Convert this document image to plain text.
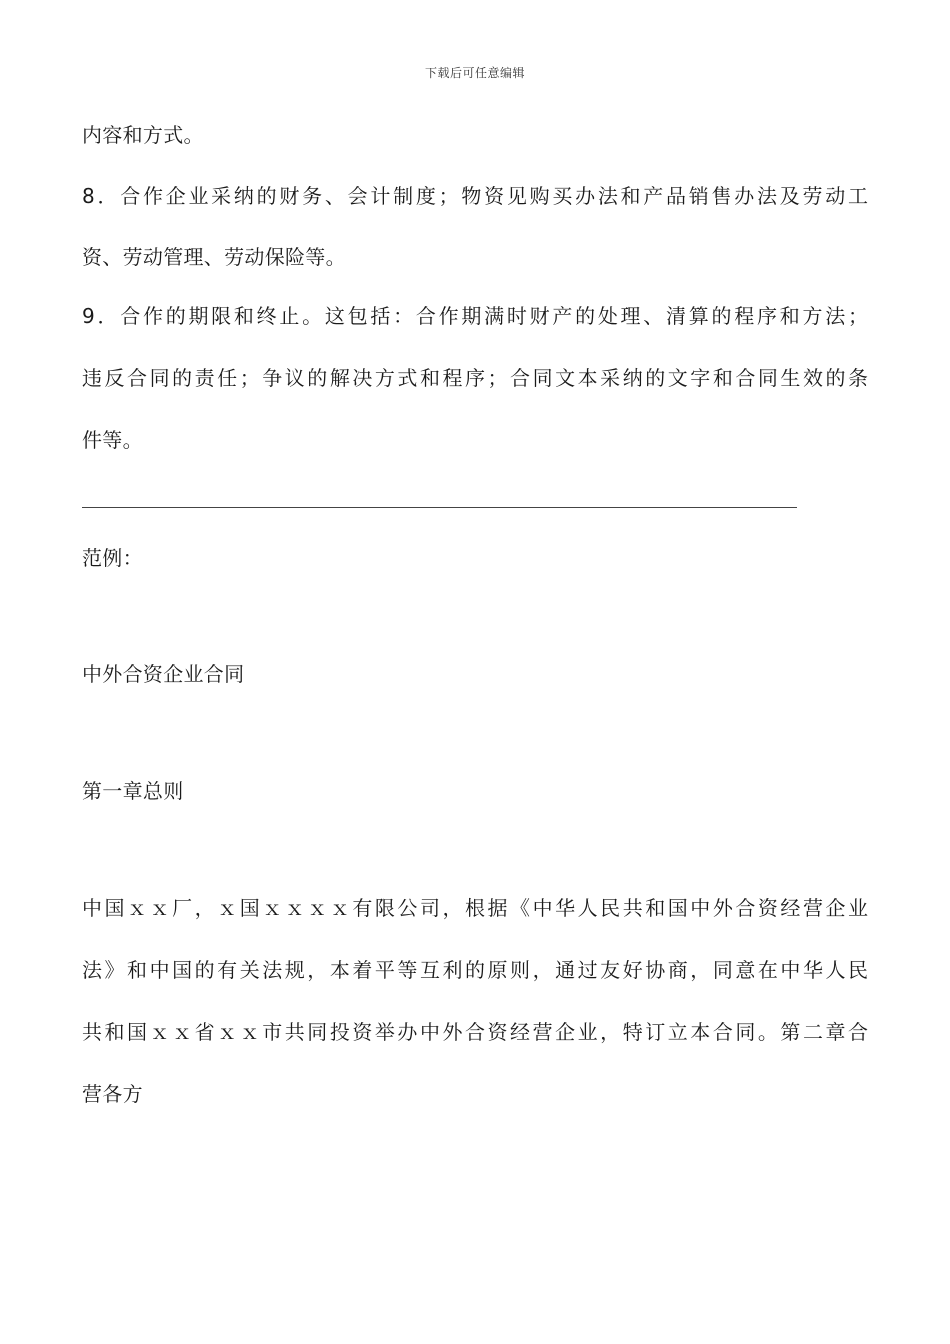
下载后可任意编辑
内容和方式。
8．合作企业采纳的财务、会计制度；物资见购买办法和产品销售办法及劳动工
资、劳动管理、劳动保险等。
9．合作的期限和终止。这包括：合作期满时财产的处理、清算的程序和方法；
违反合同的责任；争议的解决方式和程序；合同文本采纳的文字和合同生效的条
件等。
范例：
中外合资企业合同
第一章总则
中国ｘｘ厂，ｘ国ｘｘｘｘ有限公司，根据《中华人民共和国中外合资经营企业
法》和中国的有关法规，本着平等互利的原则，通过友好协商，同意在中华人民
共和国ｘｘ省ｘｘ市共同投资举办中外合资经营企业，特订立本合同。第二章合
营各方
